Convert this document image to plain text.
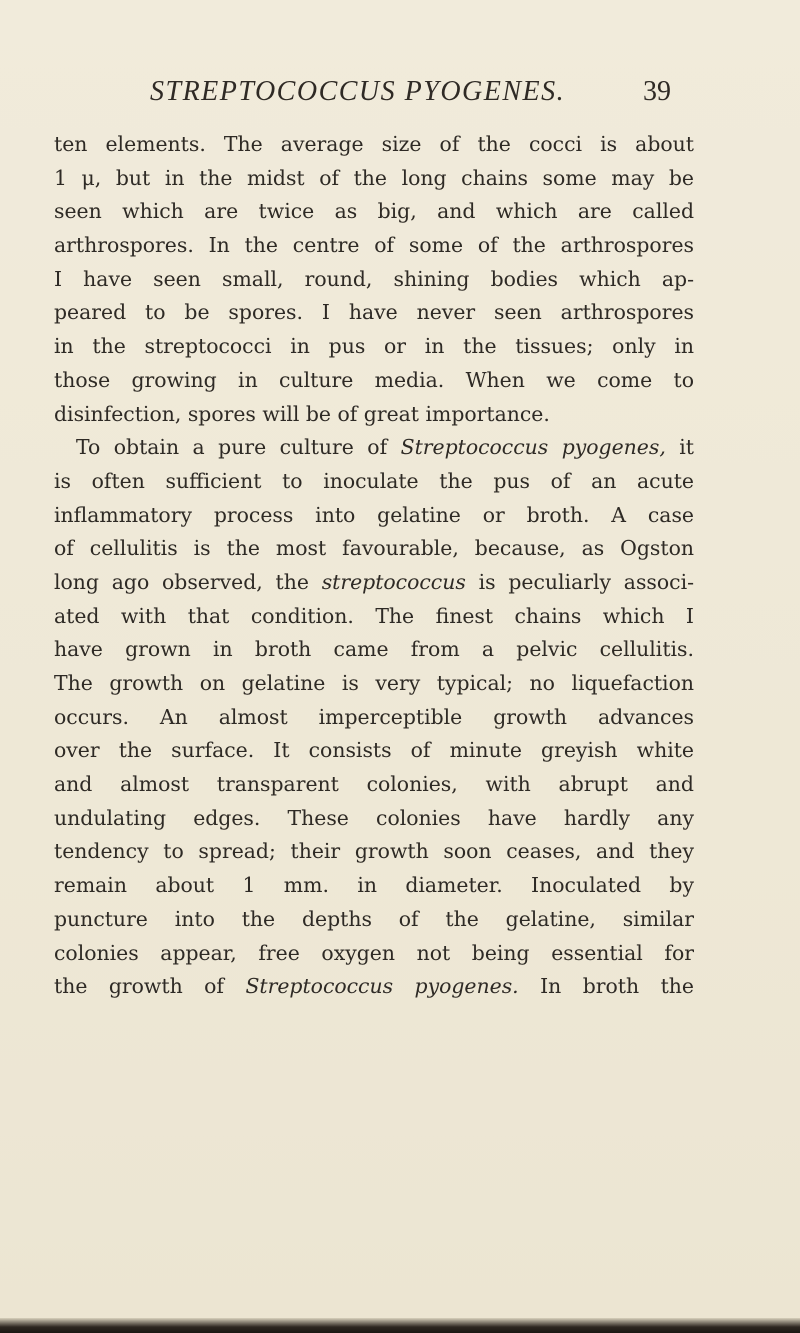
STREPTOCOCCUS PYOGENES.	39
ten elements. The average size of the cocci is about
1 μ, but in the midst of the long chains some may be
seen which are twice as big, and which are called
arthrospores. In the centre of some of the arthrospores
I have seen small, round, shining bodies which ap-
peared to be spores. I have never seen arthrospores
in the streptococci in pus or in the tissues; only in
those growing in culture media. When we come to
disinfection, spores will be of great importance.
To obtain a pure culture of Streptococcus pyogenes, it
is often sufficient to inoculate the pus of an acute
inflammatory process into gelatine or broth. A case
of cellulitis is the most favourable, because, as Ogston
long ago observed, the streptococcus is peculiarly associ-
ated with that condition. The finest chains which I
have grown in broth came from a pelvic cellulitis.
The growth on gelatine is very typical; no liquefaction
occurs. An almost imperceptible growth advances
over the surface. It consists of minute greyish white
and almost transparent colonies, with abrupt and
undulating edges. These colonies have hardly any
tendency to spread; their growth soon ceases, and they
remain about 1 mm. in diameter. Inoculated by
puncture into the depths of the gelatine, similar
colonies appear, free oxygen not being essential for
the growth of Streptococcus pyogenes. In broth the
